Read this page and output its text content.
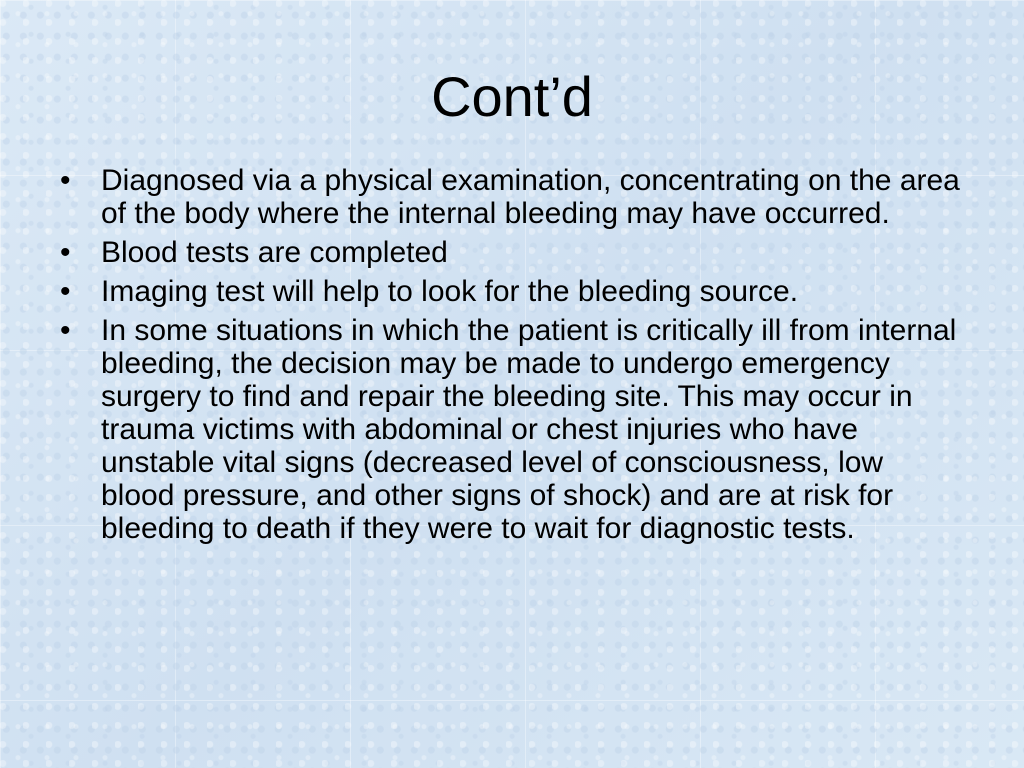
Cont’d
•	Diagnosed via a physical examination, concentrating on the area of the body where the internal bleeding may have occurred.
•	Blood tests are completed
•	Imaging test will help to look for the bleeding source.
•	In some situations in which the patient is critically ill from internal bleeding, the decision may be made to undergo emergency surgery to find and repair the bleeding site. This may occur in trauma victims with abdominal or chest injuries who have unstable vital signs (decreased level of consciousness, low blood pressure, and other signs of shock) and are at risk for bleeding to death if they were to wait for diagnostic tests.
